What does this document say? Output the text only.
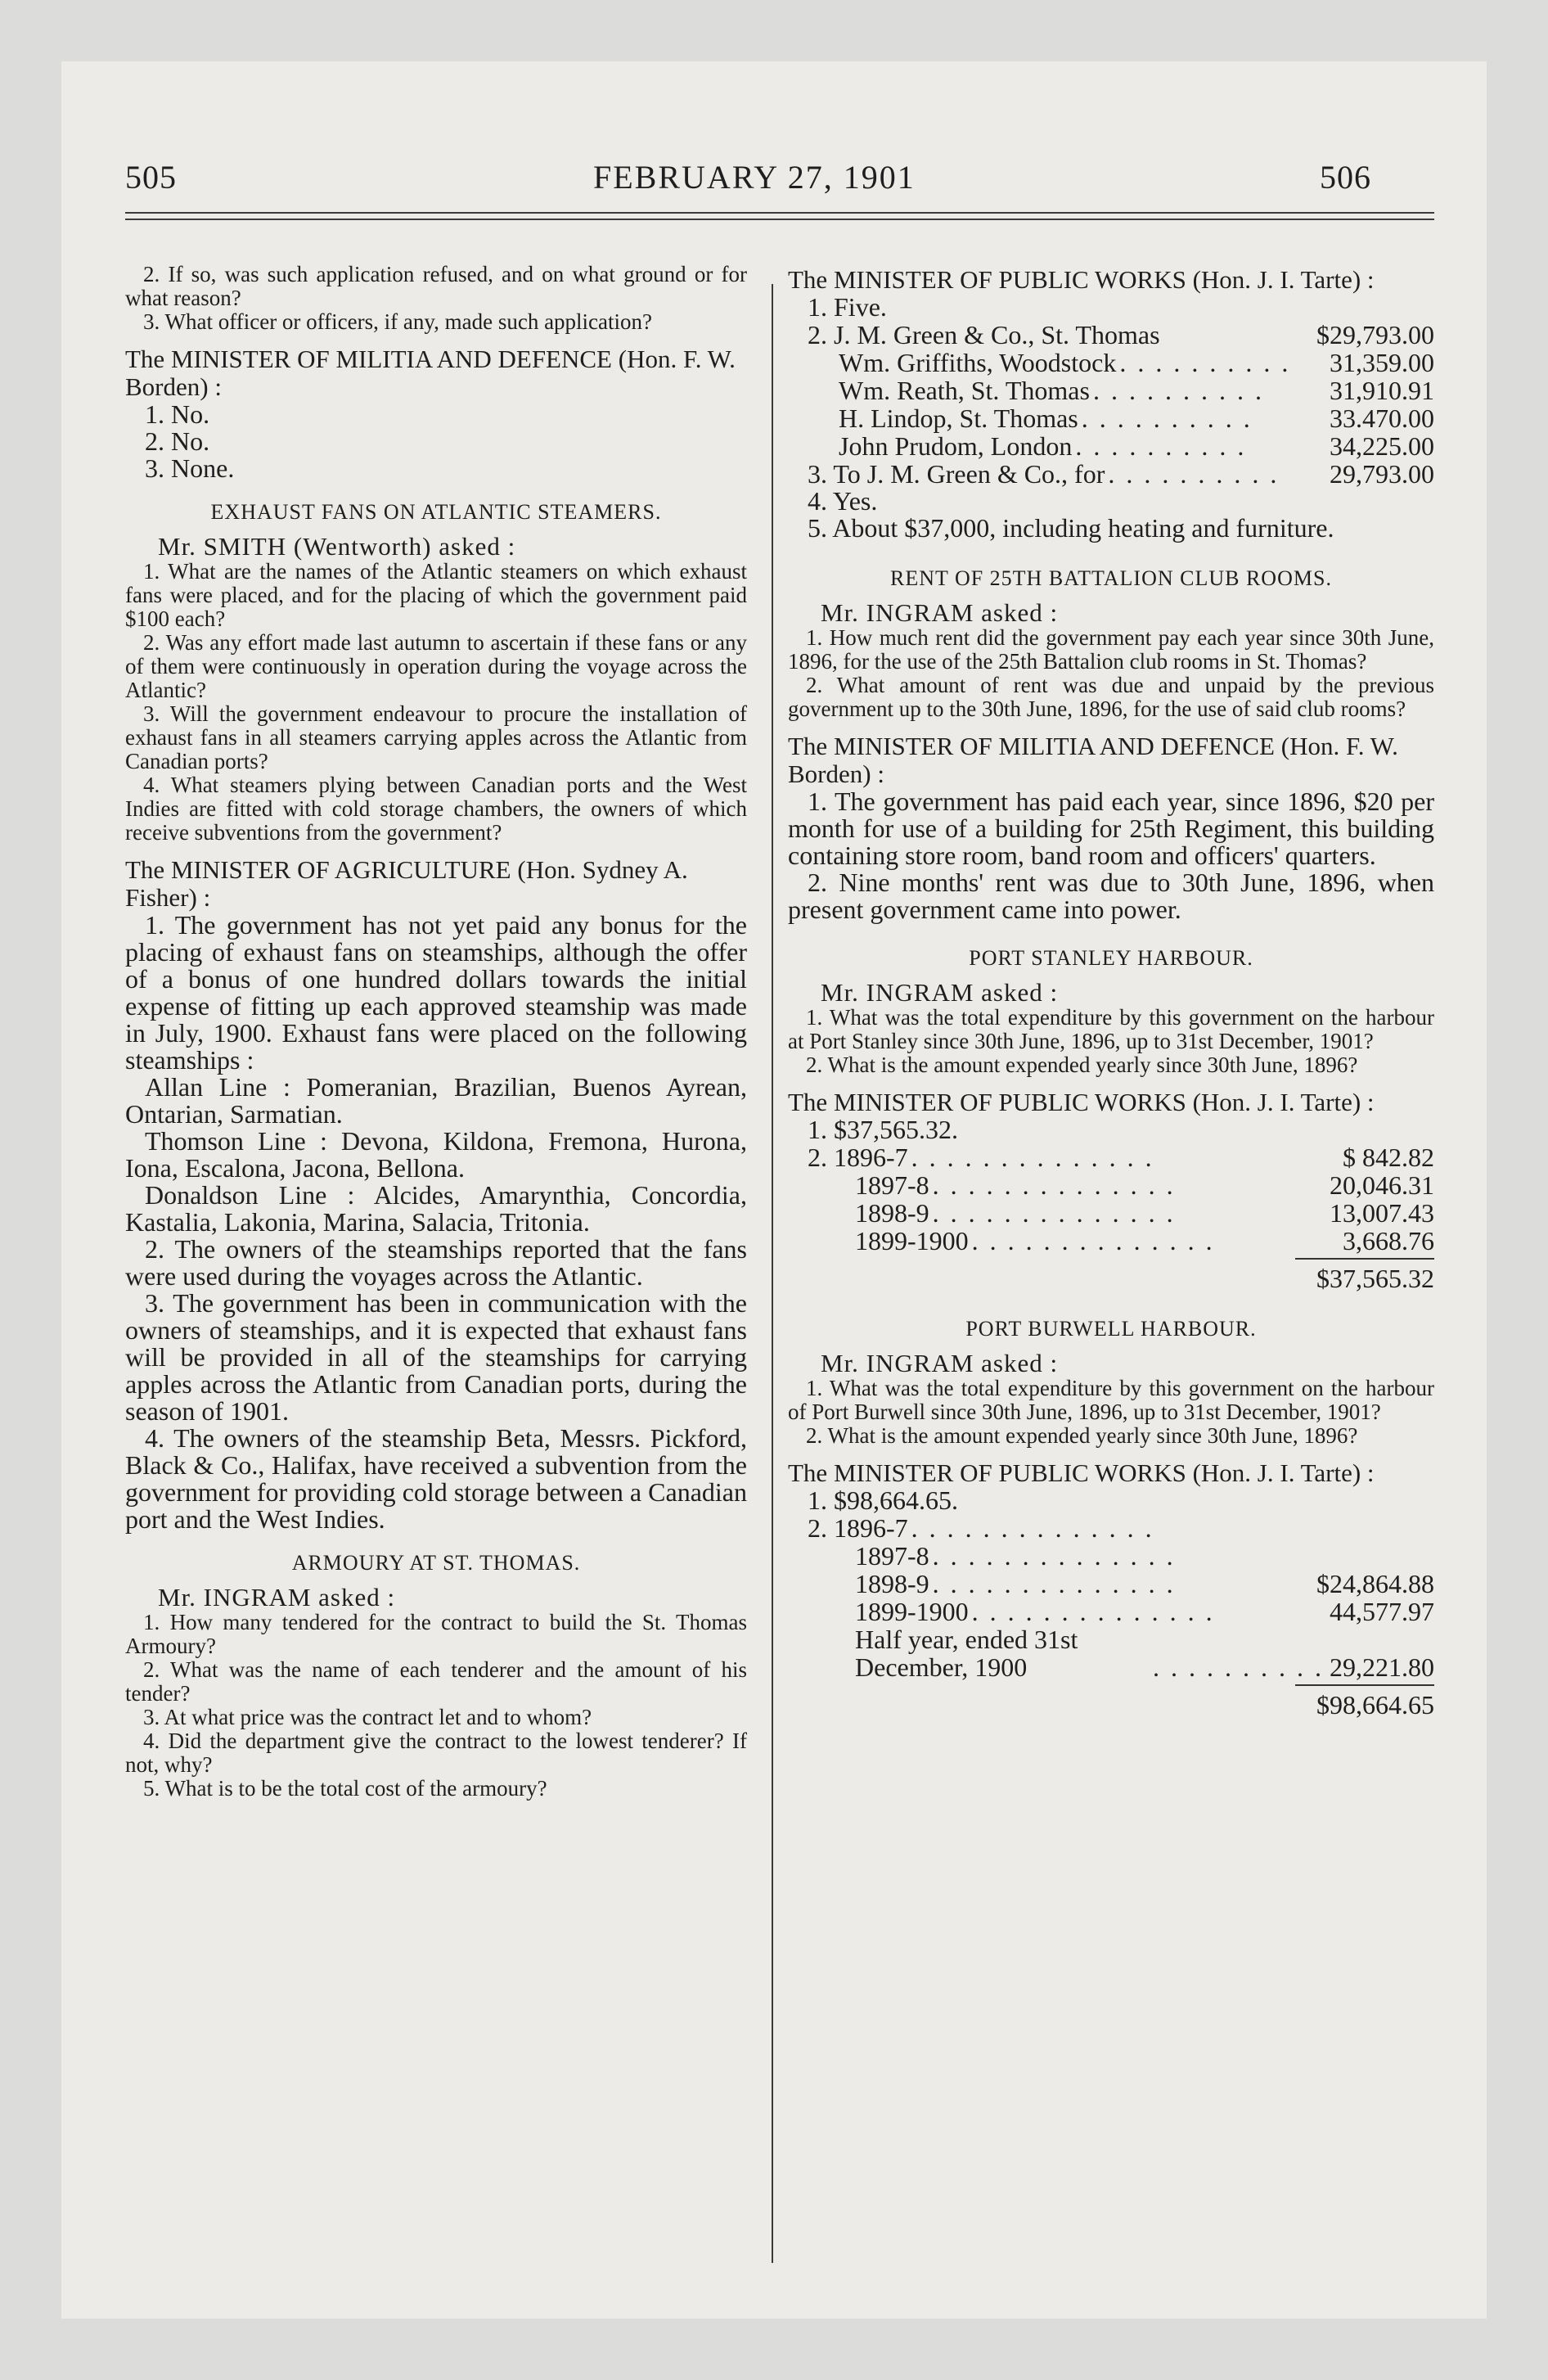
505	FEBRUARY 27, 1901	506

2. If so, was such application refused, and on what ground or for what reason?

3. What officer or officers, if any, made such application?

The MINISTER OF MILITIA AND DEFENCE (Hon. F. W. Borden) :

1. No.

2. No.

3. None.

EXHAUST FANS ON ATLANTIC STEAMERS.

Mr. SMITH (Wentworth) asked :

1. What are the names of the Atlantic steamers on which exhaust fans were placed, and for the placing of which the government paid $100 each?

2. Was any effort made last autumn to ascertain if these fans or any of them were continuously in operation during the voyage across the Atlantic?

3. Will the government endeavour to procure the installation of exhaust fans in all steamers carrying apples across the Atlantic from Canadian ports?

4. What steamers plying between Canadian ports and the West Indies are fitted with cold storage chambers, the owners of which receive subventions from the government?

The MINISTER OF AGRICULTURE (Hon. Sydney A. Fisher) :

1. The government has not yet paid any bonus for the placing of exhaust fans on steamships, although the offer of a bonus of one hundred dollars towards the initial expense of fitting up each approved steamship was made in July, 1900. Exhaust fans were placed on the following steamships :

Allan Line : Pomeranian, Brazilian, Buenos Ayrean, Ontarian, Sarmatian.

Thomson Line : Devona, Kildona, Fremona, Hurona, Iona, Escalona, Jacona, Bellona.

Donaldson Line : Alcides, Amarynthia, Concordia, Kastalia, Lakonia, Marina, Salacia, Tritonia.

2. The owners of the steamships reported that the fans were used during the voyages across the Atlantic.

3. The government has been in communication with the owners of steamships, and it is expected that exhaust fans will be provided in all of the steamships for carrying apples across the Atlantic from Canadian ports, during the season of 1901.

4. The owners of the steamship Beta, Messrs. Pickford, Black & Co., Halifax, have received a subvention from the government for providing cold storage between a Canadian port and the West Indies.

ARMOURY AT ST. THOMAS.

Mr. INGRAM asked :

1. How many tendered for the contract to build the St. Thomas Armoury?

2. What was the name of each tenderer and the amount of his tender?

3. At what price was the contract let and to whom?

4. Did the department give the contract to the lowest tenderer? If not, why?

5. What is to be the total cost of the armoury?

The MINISTER OF PUBLIC WORKS (Hon. J. I. Tarte) :

1. Five.

2. J. M. Green & Co., St. Thomas	$29,793.00
Wm. Griffiths, Woodstock . . . . . . . . . .	31,359.00
Wm. Reath, St. Thomas . . . . . . . . . .	31,910.91
H. Lindop, St. Thomas . . . . . . . . . .	33.470.00
John Prudom, London . . . . . . . . . .	34,225.00
3. To J. M. Green & Co., for . . . . . . . . . .	29,793.00

4. Yes.

5. About $37,000, including heating and furniture.

RENT OF 25TH BATTALION CLUB ROOMS.

Mr. INGRAM asked :

1. How much rent did the government pay each year since 30th June, 1896, for the use of the 25th Battalion club rooms in St. Thomas?

2. What amount of rent was due and unpaid by the previous government up to the 30th June, 1896, for the use of said club rooms?

The MINISTER OF MILITIA AND DEFENCE (Hon. F. W. Borden) :

1. The government has paid each year, since 1896, $20 per month for use of a building for 25th Regiment, this building containing store room, band room and officers' quarters.

2. Nine months' rent was due to 30th June, 1896, when present government came into power.

PORT STANLEY HARBOUR.

Mr. INGRAM asked :

1. What was the total expenditure by this government on the harbour at Port Stanley since 30th June, 1896, up to 31st December, 1901?

2. What is the amount expended yearly since 30th June, 1896?

The MINISTER OF PUBLIC WORKS (Hon. J. I. Tarte) :

1. $37,565.32.

2. 1896-7 . . . . . . . . . . . . . .	$ 842.82
1897-8 . . . . . . . . . . . . . .	20,046.31
1898-9 . . . . . . . . . . . . . .	13,007.43
1899-1900 . . . . . . . . . . . . . .	3,668.76

$37,565.32

PORT BURWELL HARBOUR.

Mr. INGRAM asked :

1. What was the total expenditure by this government on the harbour of Port Burwell since 30th June, 1896, up to 31st December, 1901?

2. What is the amount expended yearly since 30th June, 1896?

The MINISTER OF PUBLIC WORKS (Hon. J. I. Tarte) :

1. $98,664.65.

2. 1896-7 . . . . . . . . . . . . . .
1897-8 . . . . . . . . . . . . . .
1898-9 . . . . . . . . . . . . . .	$24,864.88
1899-1900 . . . . . . . . . . . . . .	44,577.97
Half year, ended 31st December, 1900	. . . . . . . . . . 29,221.80

$98,664.65
